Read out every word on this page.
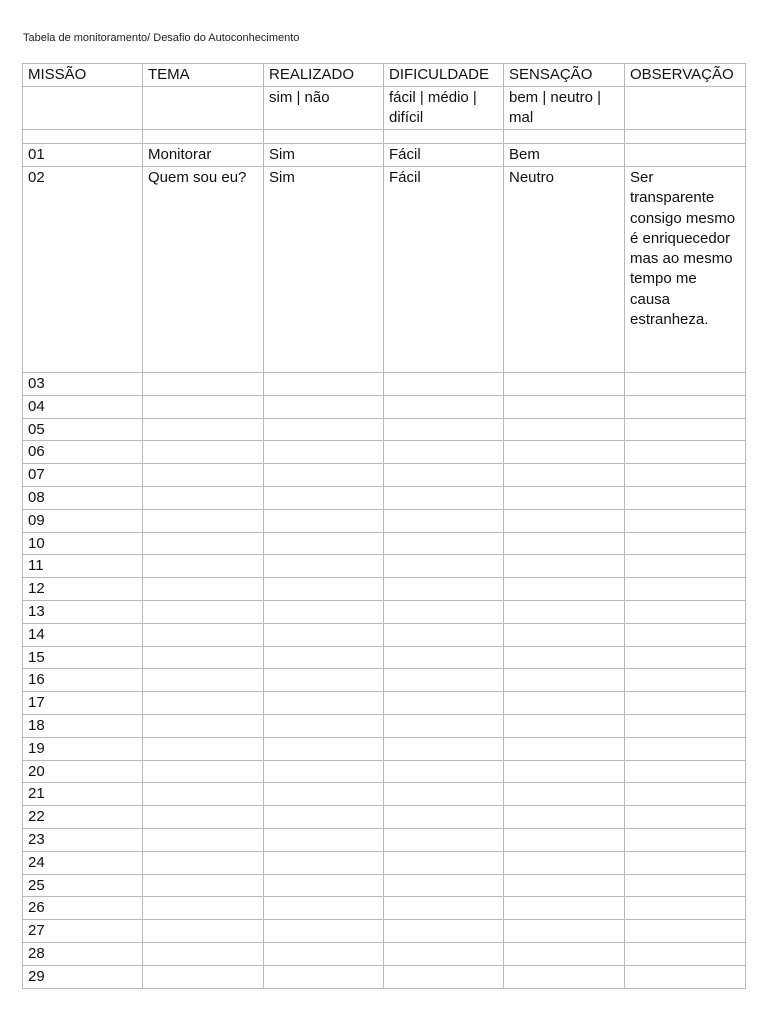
Tabela de monitoramento/ Desafio do Autoconhecimento
MISSÃO	TEMA	REALIZADO	DIFICULDADE	SENSAÇÃO	OBSERVAÇÃO
		sim | não	fácil | médio | difícil	bem | neutro | mal	

01	Monitorar	Sim	Fácil	Bem	
02	Quem sou eu?	Sim	Fácil	Neutro	Ser transparente consigo mesmo é enriquecedor mas ao mesmo tempo me causa estranheza.
03					
04					
05					
06					
07					
08					
09					
10					
11					
12					
13					
14					
15					
16					
17					
18					
19					
20					
21					
22					
23					
24					
25					
26					
27					
28					
29					
